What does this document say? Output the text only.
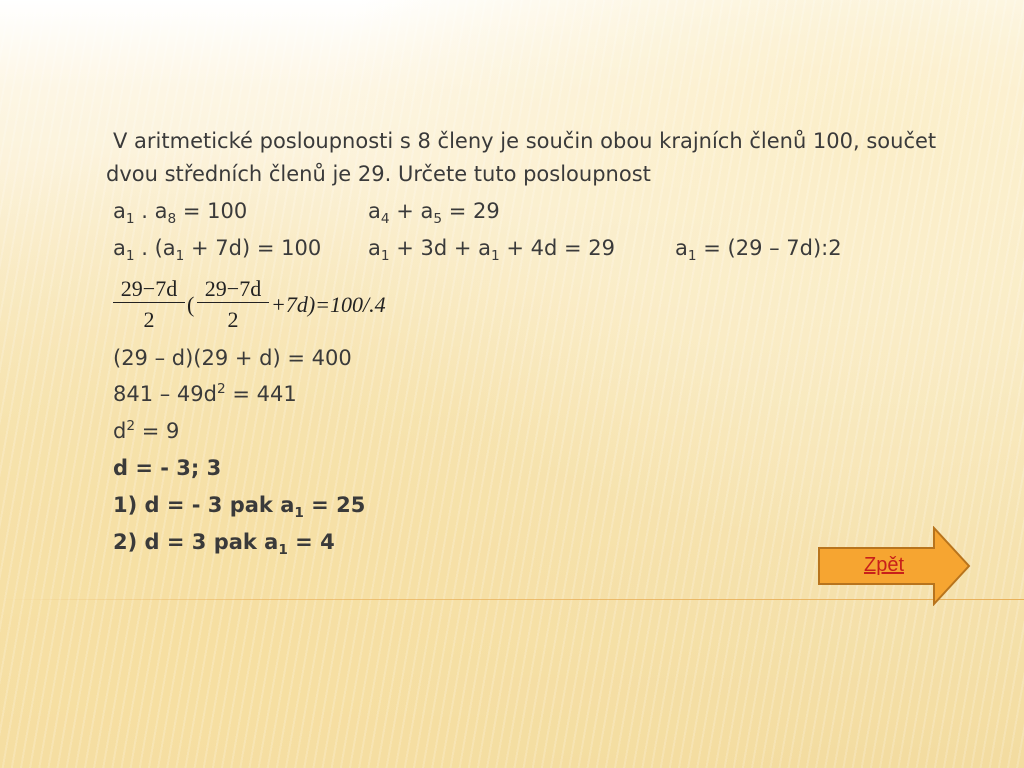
V aritmetické posloupnosti s 8 členy je součin obou krajních členů 100, součet
dvou středních členů je 29. Určete tuto posloupnost
$a_1$ . $a_8 = 100$	$a_4 + a_5 = 29$
$a_1$ . $(a_1 + 7d) = 100$ $a_1 + 3d + a_1 + 4d = 29$	$a_1 = (29$ – 7d):2
$\frac{29-7d}{2}$ ( $\frac{29-7d}{2} +7d)=100/.4$
(29 – d)(29 + d) = 400
$841 - 49d^2 = 441$
$d^2 = 9$
d = - 3; 3
1) d = - 3 pak $a_1 = 25$
2) d = 3 pak $a_1 = 4$
Zpět
